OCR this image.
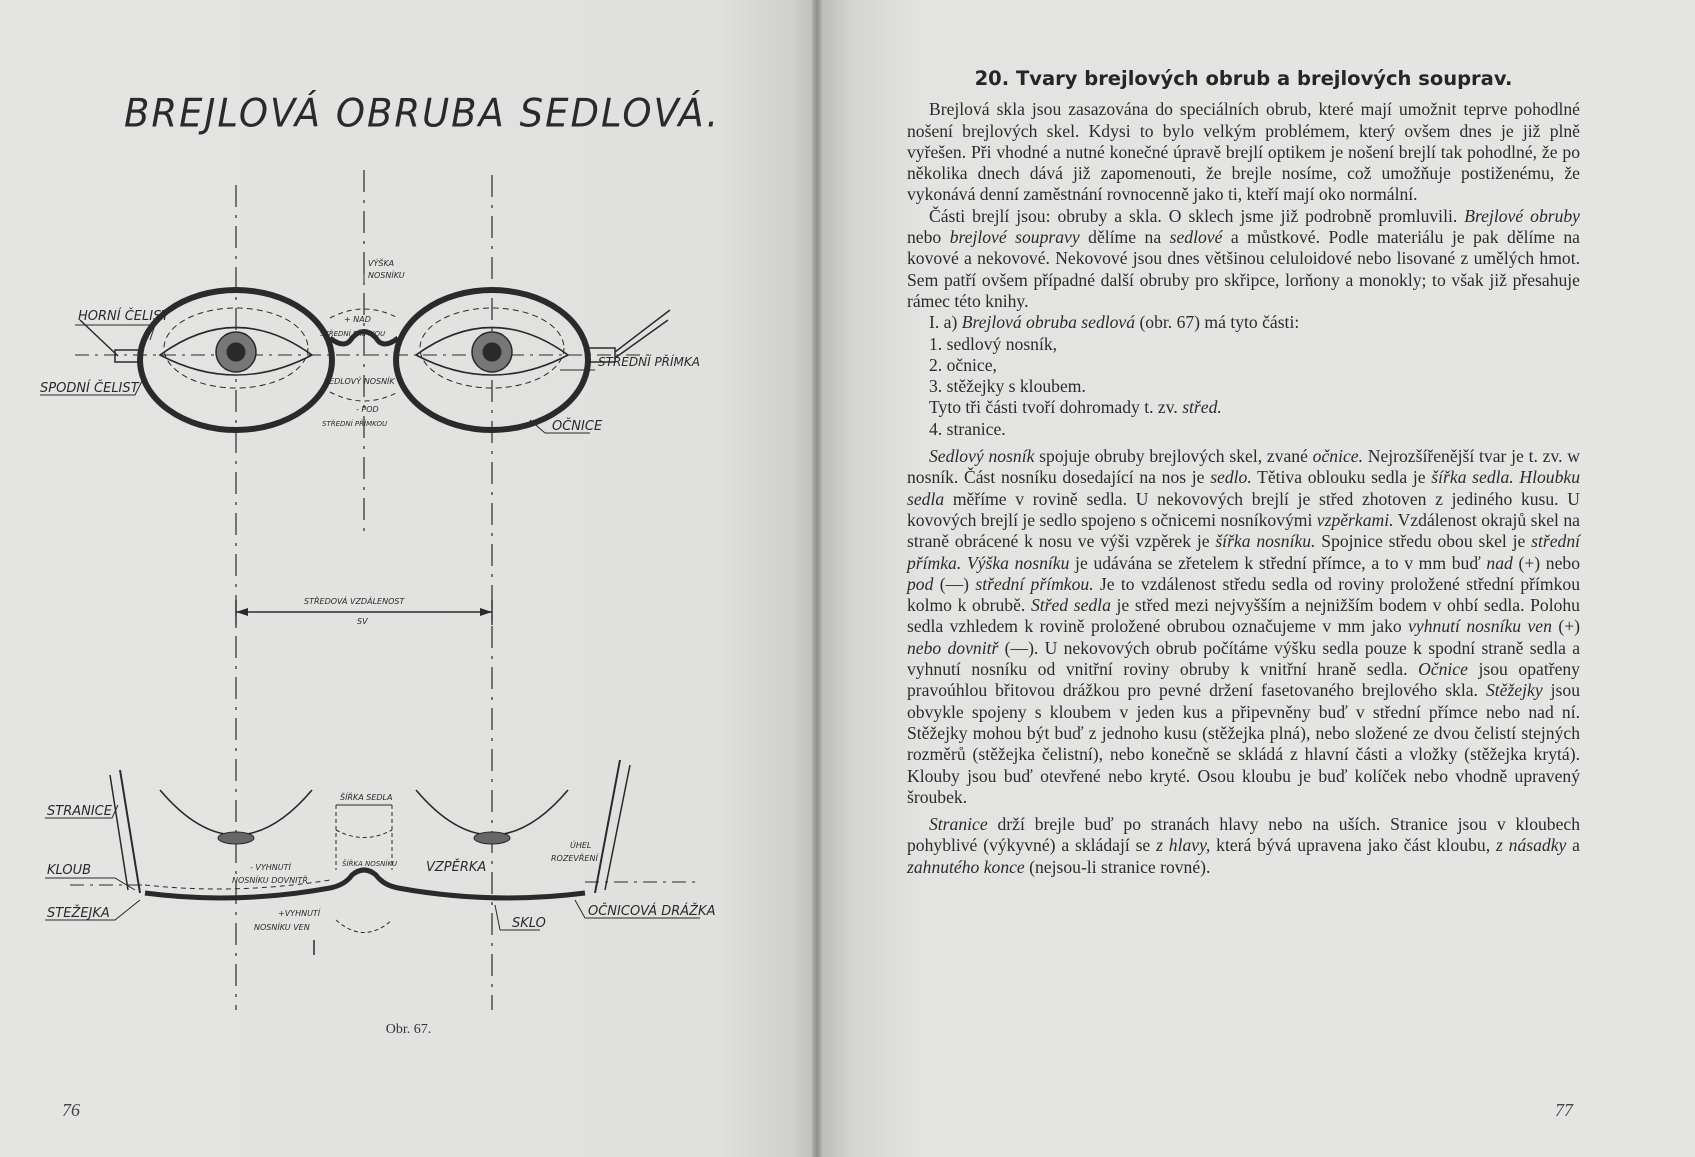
BREJLOVÁ OBRUBA SEDLOVÁ.
HORNÍ ČELIST
SPODNÍ ČELIST
VÝŠKA
NOSNÍKU
+ NAD
STŘEDNÍ PŘÍMKOU
SEDLOVÝ NOSNÍK
- POD
STŘEDNÍ PŘÍMKOU
STŘEDNÍ PŘÍMKA
OČNICE
STŘEDOVÁ VZDÁLENOST
SV
STRANICE
KLOUB
STEŽEJKA
ŠÍŘKA SEDLA
ŠÍŘKA NOSNÍKU
- VYHNUTÍ
NOSNÍKU DOVNITŘ
+VYHNUTÍ
NOSNÍKU VEN
VZPĚRKA
ÚHEL
ROZEVŘENÍ
SKLO
OČNICOVÁ DRÁŽKA
Obr. 67.
76
20. Tvary brejlových obrub a brejlových souprav.

Brejlová skla jsou zasazována do speciálních obrub, které mají umožnit teprve pohodlné nošení brejlových skel. Kdysi to bylo velkým problémem, který ovšem dnes je již plně vyřešen. Při vhodné a nutné konečné úpravě brejlí optikem je nošení brejlí tak pohodlné, že po několika dnech dává již zapomenouti, že brejle nosíme, což umožňuje postiženému, že vykonává denní zaměstnání rovnocenně jako ti, kteří mají oko normální.

Části brejlí jsou: obruby a skla. O sklech jsme již podrobně promluvili. Brejlové obruby nebo brejlové soupravy dělíme na sedlové a můstkové. Podle materiálu je pak dělíme na kovové a nekovové. Nekovové jsou dnes většinou celuloidové nebo lisované z umělých hmot. Sem patří ovšem případné další obruby pro skřipce, lorňony a monokly; to však již přesahuje rámec této knihy.

I. a) Brejlová obruba sedlová (obr. 67) má tyto části:

1. sedlový nosník,

2. očnice,

3. stěžejky s kloubem.

Tyto tři části tvoří dohromady t. zv. střed.

4. stranice.

Sedlový nosník spojuje obruby brejlových skel, zvané očnice. Nejrozšířenější tvar je t. zv. w nosník. Část nosníku dosedající na nos je sedlo. Tětiva oblouku sedla je šířka sedla. Hloubku sedla měříme v rovině sedla. U nekovových brejlí je střed zhotoven z jediného kusu. U kovových brejlí je sedlo spojeno s očnicemi nosníkovými vzpěrkami. Vzdálenost okrajů skel na straně obrácené k nosu ve výši vzpěrek je šířka nosníku. Spojnice středu obou skel je střední přímka. Výška nosníku je udávána se zřetelem k střední přímce, a to v mm buď nad (+) nebo pod (—) střední přímkou. Je to vzdálenost středu sedla od roviny proložené střední přímkou kolmo k obrubě. Střed sedla je střed mezi nejvyšším a nejnižším bodem v ohbí sedla. Polohu sedla vzhledem k rovině proložené obrubou označujeme v mm jako vyhnutí nosníku ven (+) nebo dovnitř (—). U nekovových obrub počítáme výšku sedla pouze k spodní straně sedla a vyhnutí nosníku od vnitřní roviny obruby k vnitřní hraně sedla. Očnice jsou opatřeny pravoúhlou břitovou drážkou pro pevné držení fasetovaného brejlového skla. Stěžejky jsou obvykle spojeny s kloubem v jeden kus a připevněny buď v střední přímce nebo nad ní. Stěžejky mohou být buď z jednoho kusu (stěžejka plná), nebo složené ze dvou čelistí stejných rozměrů (stěžejka čelistní), nebo konečně se skládá z hlavní části a vložky (stěžejka krytá). Klouby jsou buď otevřené nebo kryté. Osou kloubu je buď kolíček nebo vhodně upravený šroubek.

Stranice drží brejle buď po stranách hlavy nebo na uších. Stranice jsou v kloubech pohyblivé (výkyvné) a skládají se z hlavy, která bývá upravena jako část kloubu, z násadky a zahnutého konce (nejsou-li stranice rovné).

77
